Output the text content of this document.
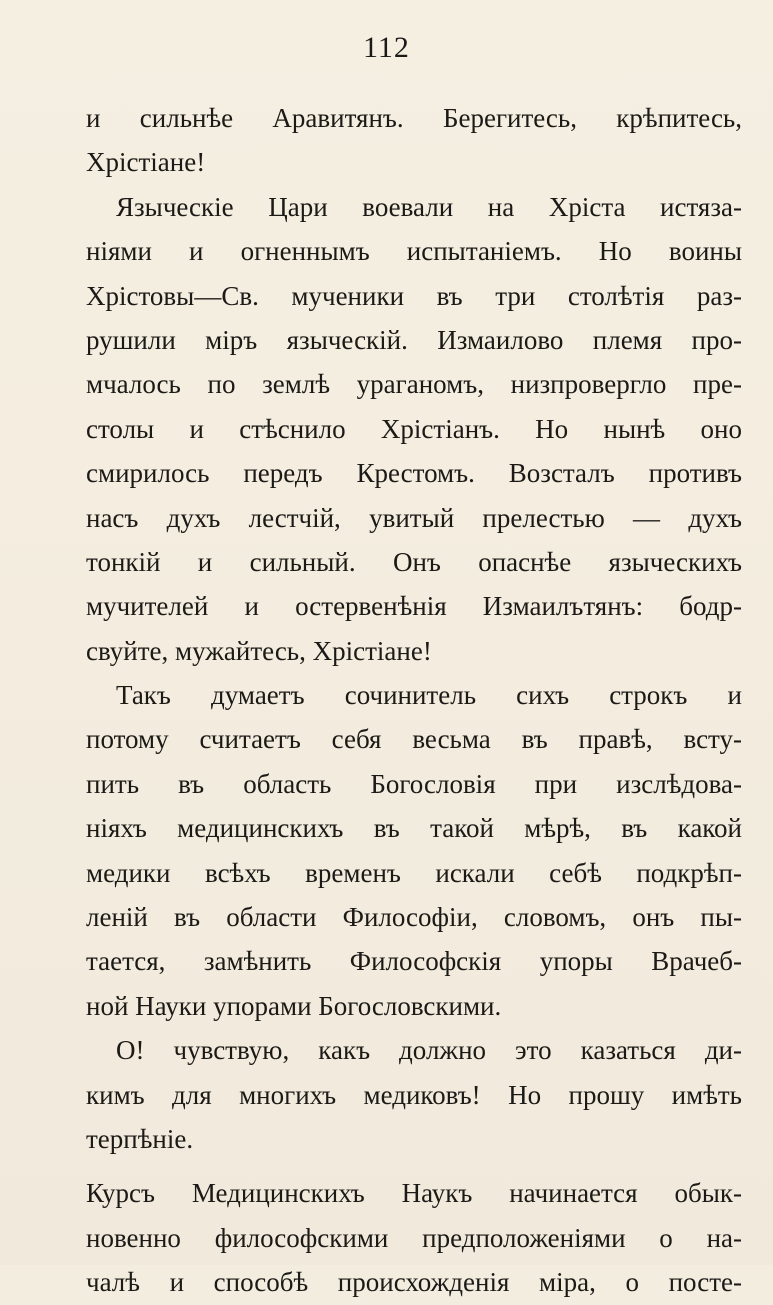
112
и сильнѣе Аравитянъ. Берегитесь, крѣпитесь,
Хрістіане!
Языческіе Цари воевали на Хріста истяза-
ніями и огненнымъ испытаніемъ. Но воины
Хрістовы—Св. мученики въ три столѣтія раз-
рушили міръ языческій. Измаилово племя про-
мчалось по землѣ ураганомъ, низпровергло пре-
столы и стѣснило Хрістіанъ. Но нынѣ оно
смирилось передъ Крестомъ. Возсталъ противъ
насъ духъ лестчій, увитый прелестью — духъ
тонкій и сильный. Онъ опаснѣе языческихъ
мучителей и остервенѣнія Измаилътянъ: бодр-
свуйте, мужайтесь, Хрістіане!
Такъ думаетъ сочинитель сихъ строкъ и
потому считаетъ себя весьма въ правѣ, всту-
пить въ область Богословія при изслѣдова-
ніяхъ медицинскихъ въ такой мѣрѣ, въ какой
медики всѣхъ временъ искали себѣ подкрѣп-
леній въ области Философіи, словомъ, онъ пы-
тается, замѣнить Философскія упоры Врачеб-
ной Науки упорами Богословскими.
О! чувствую, какъ должно это казаться ди-
кимъ для многихъ медиковъ! Но прошу имѣть
терпѣніе.
Курсъ Медицинскихъ Наукъ начинается обык-
новенно философскими предположеніями о на-
чалѣ и способѣ происхожденія міра, о посте-
